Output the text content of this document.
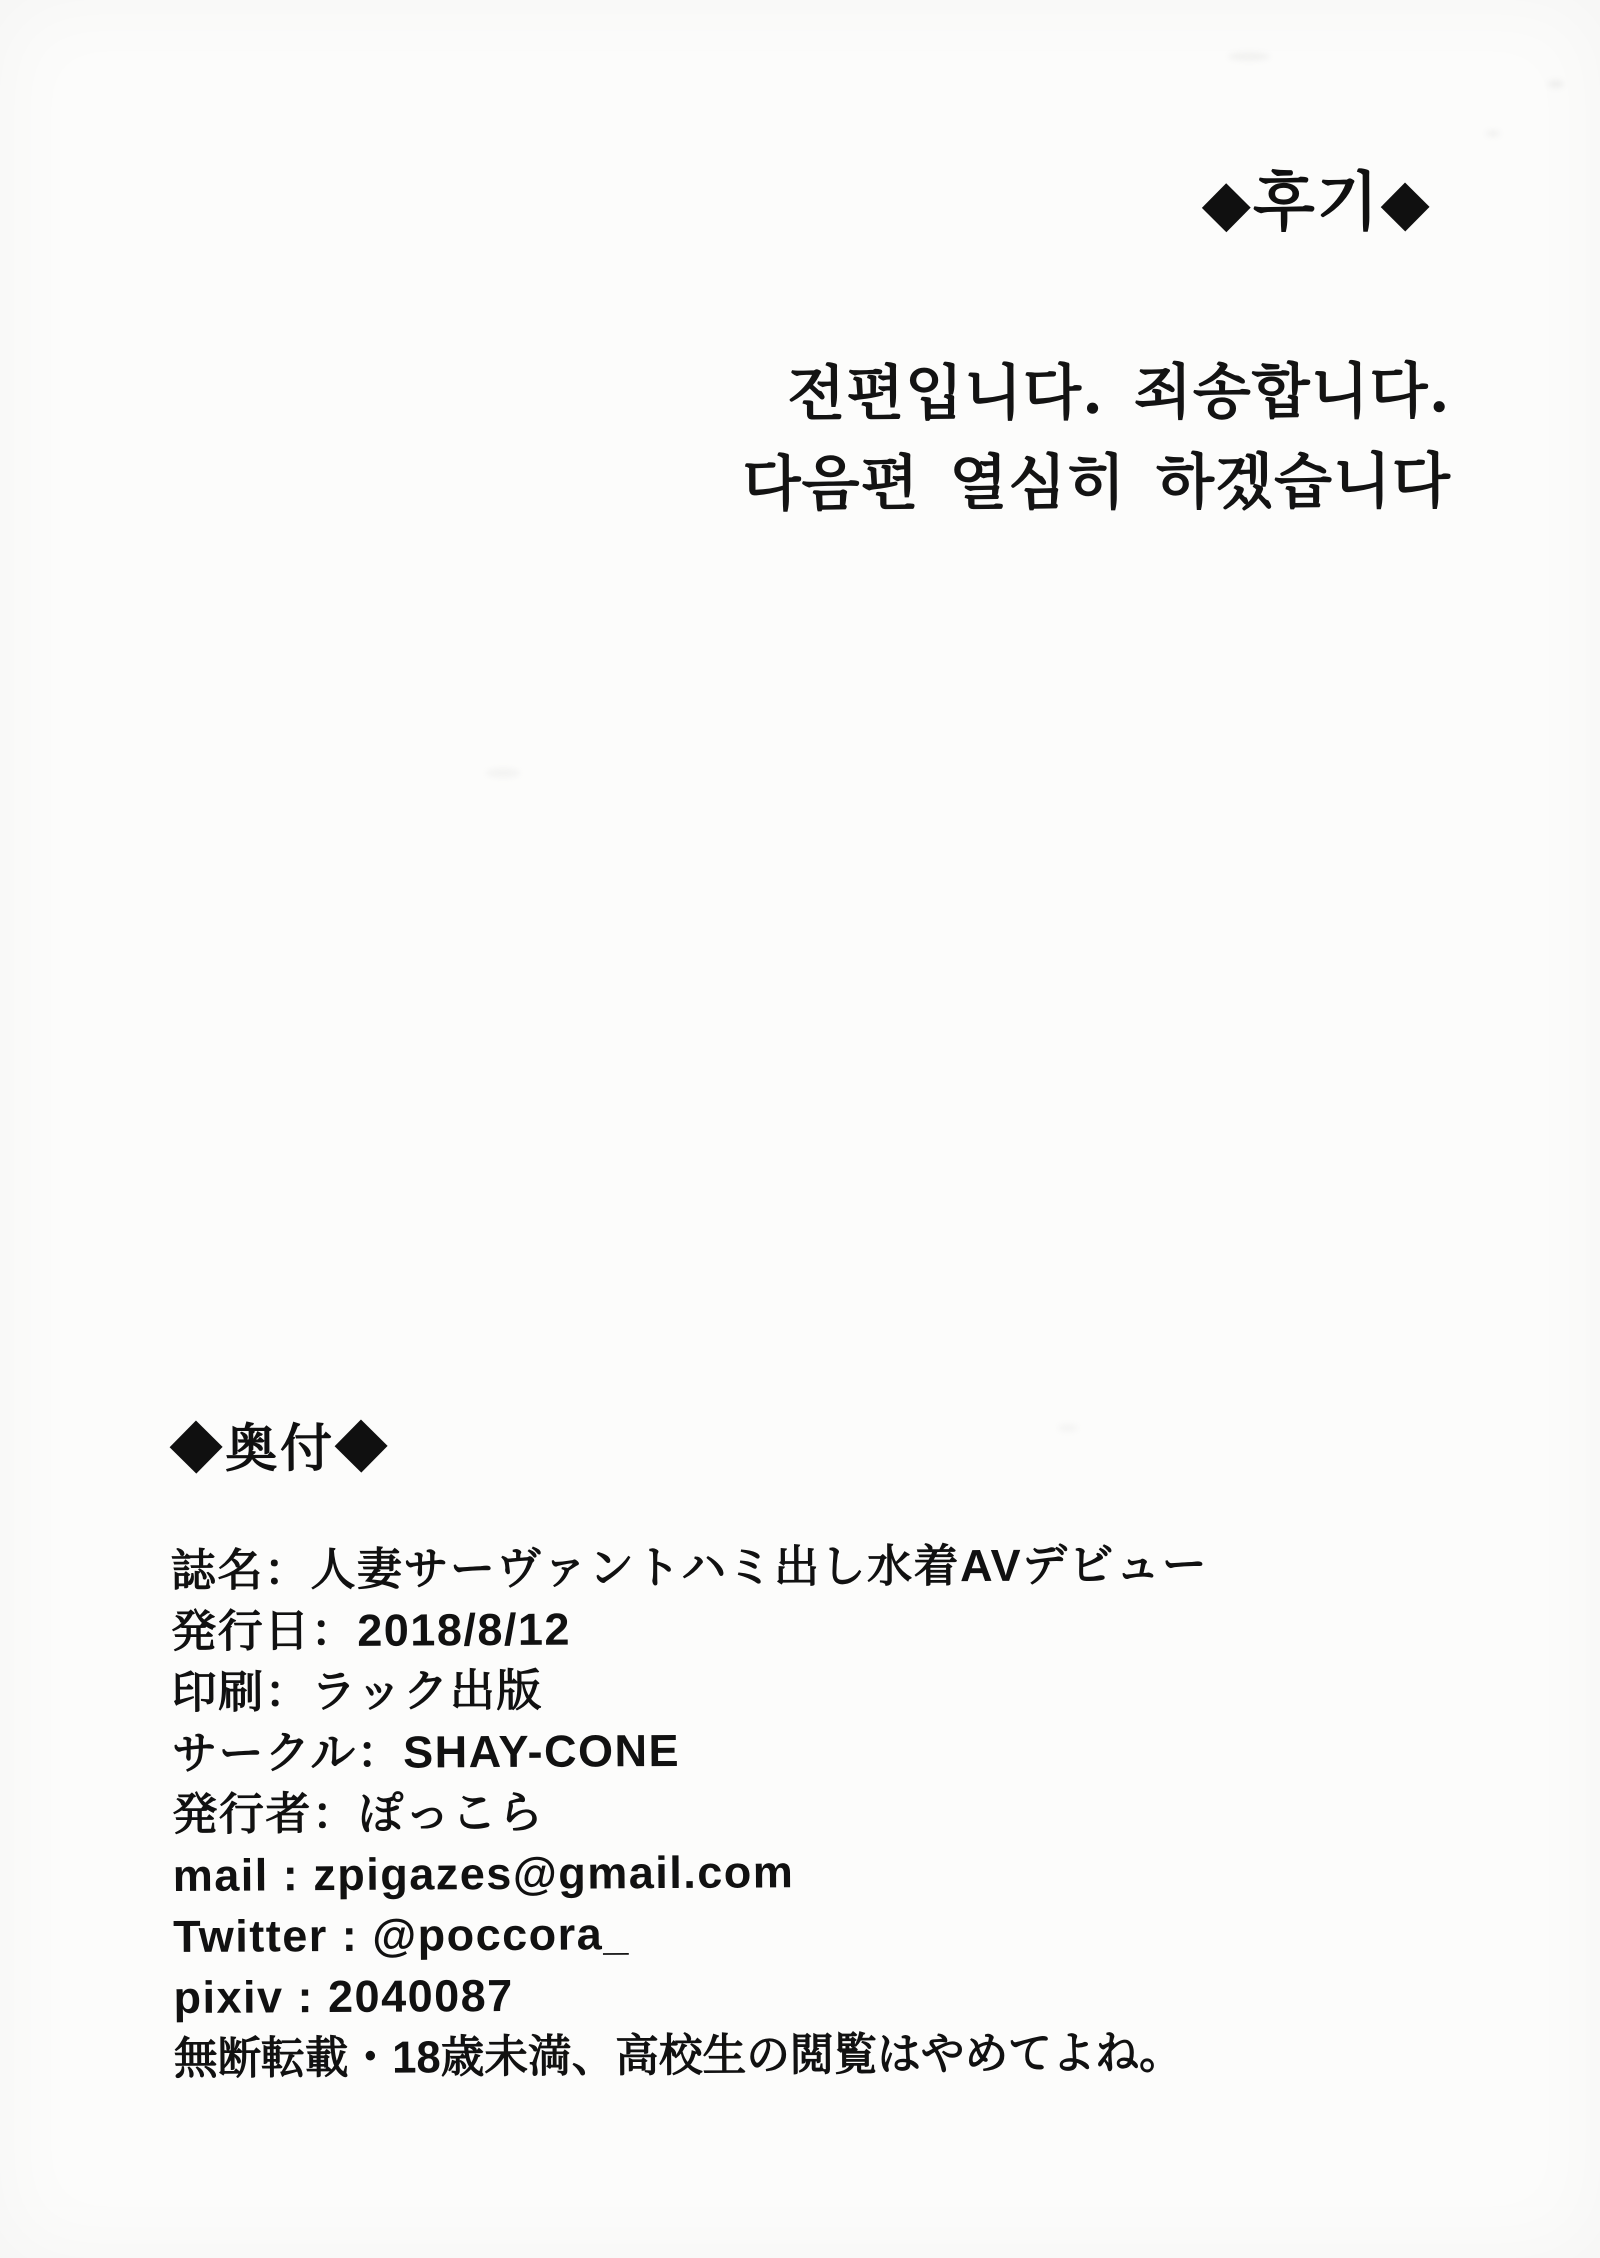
◆후기◆
전편입니다. 죄송합니다.
다음편 열심히 하겠습니다
◆奥付◆
誌名：人妻サーヴァントハミ出し水着AVデビュー
発行日：2018/8/12
印刷：ラック出版
サークル：SHAY-CONE
発行者：ぽっこら
mail : zpigazes@gmail.com
Twitter : @poccora_
pixiv : 2040087
無断転載・18歳未満、高校生の閲覧はやめてよね。
